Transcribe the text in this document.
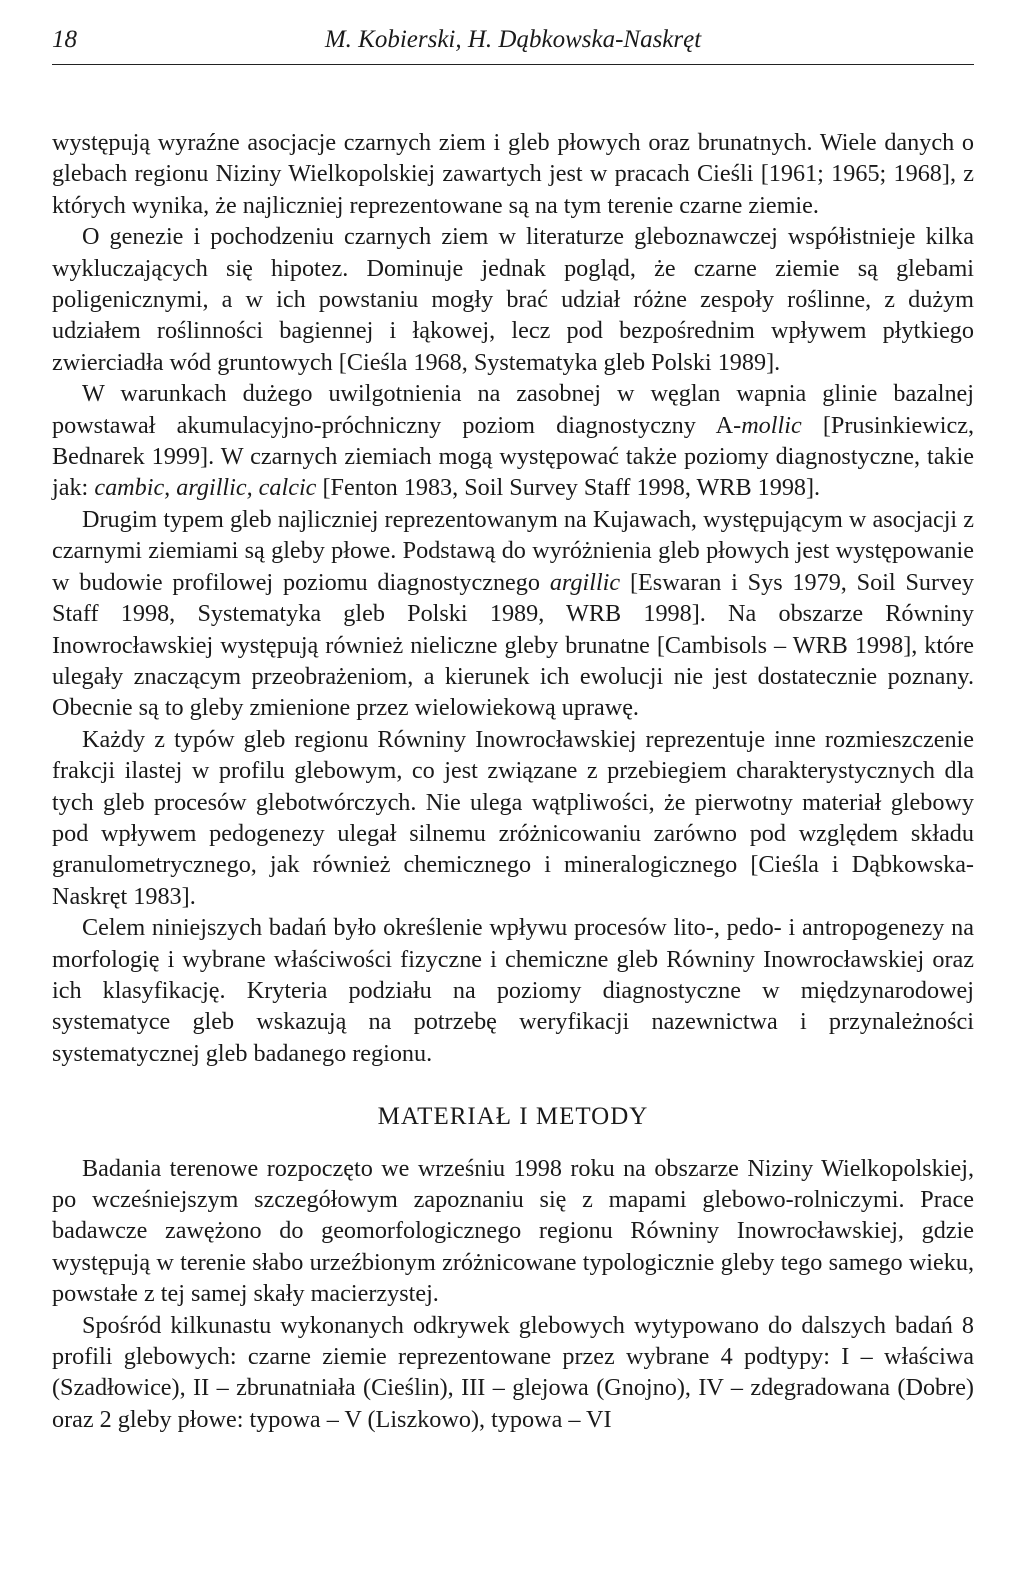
18	M. Kobierski, H. Dąbkowska-Naskręt

występują wyraźne asocjacje czarnych ziem i gleb płowych oraz brunatnych. Wiele danych o glebach regionu Niziny Wielkopolskiej zawartych jest w pracach Cieśli [1961; 1965; 1968], z których wynika, że najliczniej reprezentowane są na tym terenie czarne ziemie.

O genezie i pochodzeniu czarnych ziem w literaturze gleboznawczej współistnieje kilka wykluczających się hipotez. Dominuje jednak pogląd, że czarne ziemie są glebami poligenicznymi, a w ich powstaniu mogły brać udział różne zespoły roślinne, z dużym udziałem roślinności bagiennej i łąkowej, lecz pod bezpośrednim wpływem płytkiego zwierciadła wód gruntowych [Cieśla 1968, Systematyka gleb Polski 1989].

W warunkach dużego uwilgotnienia na zasobnej w węglan wapnia glinie bazalnej powstawał akumulacyjno-próchniczny poziom diagnostyczny A-mollic [Prusinkiewicz, Bednarek 1999]. W czarnych ziemiach mogą występować także poziomy diagnostyczne, takie jak: cambic, argillic, calcic [Fenton 1983, Soil Survey Staff 1998, WRB 1998].

Drugim typem gleb najliczniej reprezentowanym na Kujawach, występującym w asocjacji z czarnymi ziemiami są gleby płowe. Podstawą do wyróżnienia gleb płowych jest występowanie w budowie profilowej poziomu diagnostycznego argillic [Eswaran i Sys 1979, Soil Survey Staff 1998, Systematyka gleb Polski 1989, WRB 1998]. Na obszarze Równiny Inowrocławskiej występują również nieliczne gleby brunatne [Cambisols – WRB 1998], które ulegały znaczącym przeobrażeniom, a kierunek ich ewolucji nie jest dostatecznie poznany. Obecnie są to gleby zmienione przez wielowiekową uprawę.

Każdy z typów gleb regionu Równiny Inowrocławskiej reprezentuje inne rozmieszczenie frakcji ilastej w profilu glebowym, co jest związane z przebiegiem charakterystycznych dla tych gleb procesów glebotwórczych. Nie ulega wątpliwości, że pierwotny materiał glebowy pod wpływem pedogenezy ulegał silnemu zróżnicowaniu zarówno pod względem składu granulometrycznego, jak również chemicznego i mineralogicznego [Cieśla i Dąbkowska-Naskręt 1983].

Celem niniejszych badań było określenie wpływu procesów lito-, pedo- i antropogenezy na morfologię i wybrane właściwości fizyczne i chemiczne gleb Równiny Inowrocławskiej oraz ich klasyfikację. Kryteria podziału na poziomy diagnostyczne w międzynarodowej systematyce gleb wskazują na potrzebę weryfikacji nazewnictwa i przynależności systematycznej gleb badanego regionu.

MATERIAŁ I METODY

Badania terenowe rozpoczęto we wrześniu 1998 roku na obszarze Niziny Wielkopolskiej, po wcześniejszym szczegółowym zapoznaniu się z mapami glebowo-rolniczymi. Prace badawcze zawężono do geomorfologicznego regionu Równiny Inowrocławskiej, gdzie występują w terenie słabo urzeźbionym zróżnicowane typologicznie gleby tego samego wieku, powstałe z tej samej skały macierzystej.

Spośród kilkunastu wykonanych odkrywek glebowych wytypowano do dalszych badań 8 profili glebowych: czarne ziemie reprezentowane przez wybrane 4 podtypy: I – właściwa (Szadłowice), II – zbrunatniała (Cieślin), III – glejowa (Gnojno), IV – zdegradowana (Dobre) oraz 2 gleby płowe: typowa – V (Liszkowo), typowa – VI
